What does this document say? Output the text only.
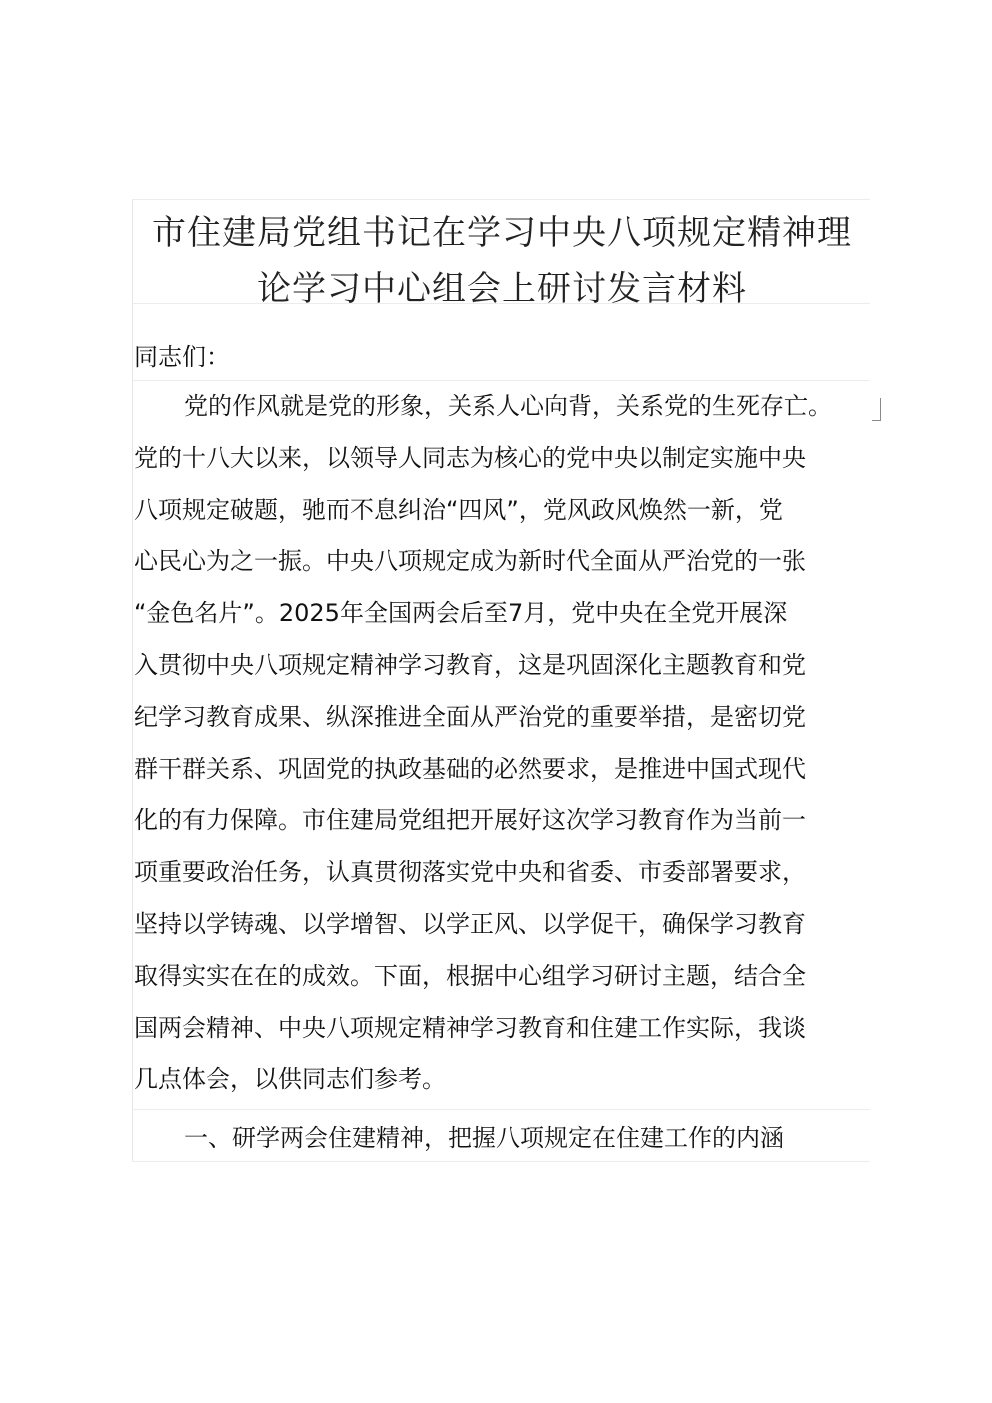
市住建局党组书记在学习中央八项规定精神理
论学习中心组会上研讨发言材料
同志们：
党的作风就是党的形象，关系人心向背，关系党的生死存亡。
党的十八大以来，以领导人同志为核心的党中央以制定实施中央
八项规定破题，驰而不息纠治“四风”，党风政风焕然一新，党
心民心为之一振。中央八项规定成为新时代全面从严治党的一张
“金色名片”。2025年全国两会后至7月，党中央在全党开展深
入贯彻中央八项规定精神学习教育，这是巩固深化主题教育和党
纪学习教育成果、纵深推进全面从严治党的重要举措，是密切党
群干群关系、巩固党的执政基础的必然要求，是推进中国式现代
化的有力保障。市住建局党组把开展好这次学习教育作为当前一
项重要政治任务，认真贯彻落实党中央和省委、市委部署要求，
坚持以学铸魂、以学增智、以学正风、以学促干，确保学习教育
取得实实在在的成效。下面，根据中心组学习研讨主题，结合全
国两会精神、中央八项规定精神学习教育和住建工作实际，我谈
几点体会，以供同志们参考。
一、研学两会住建精神，把握八项规定在住建工作的内涵
